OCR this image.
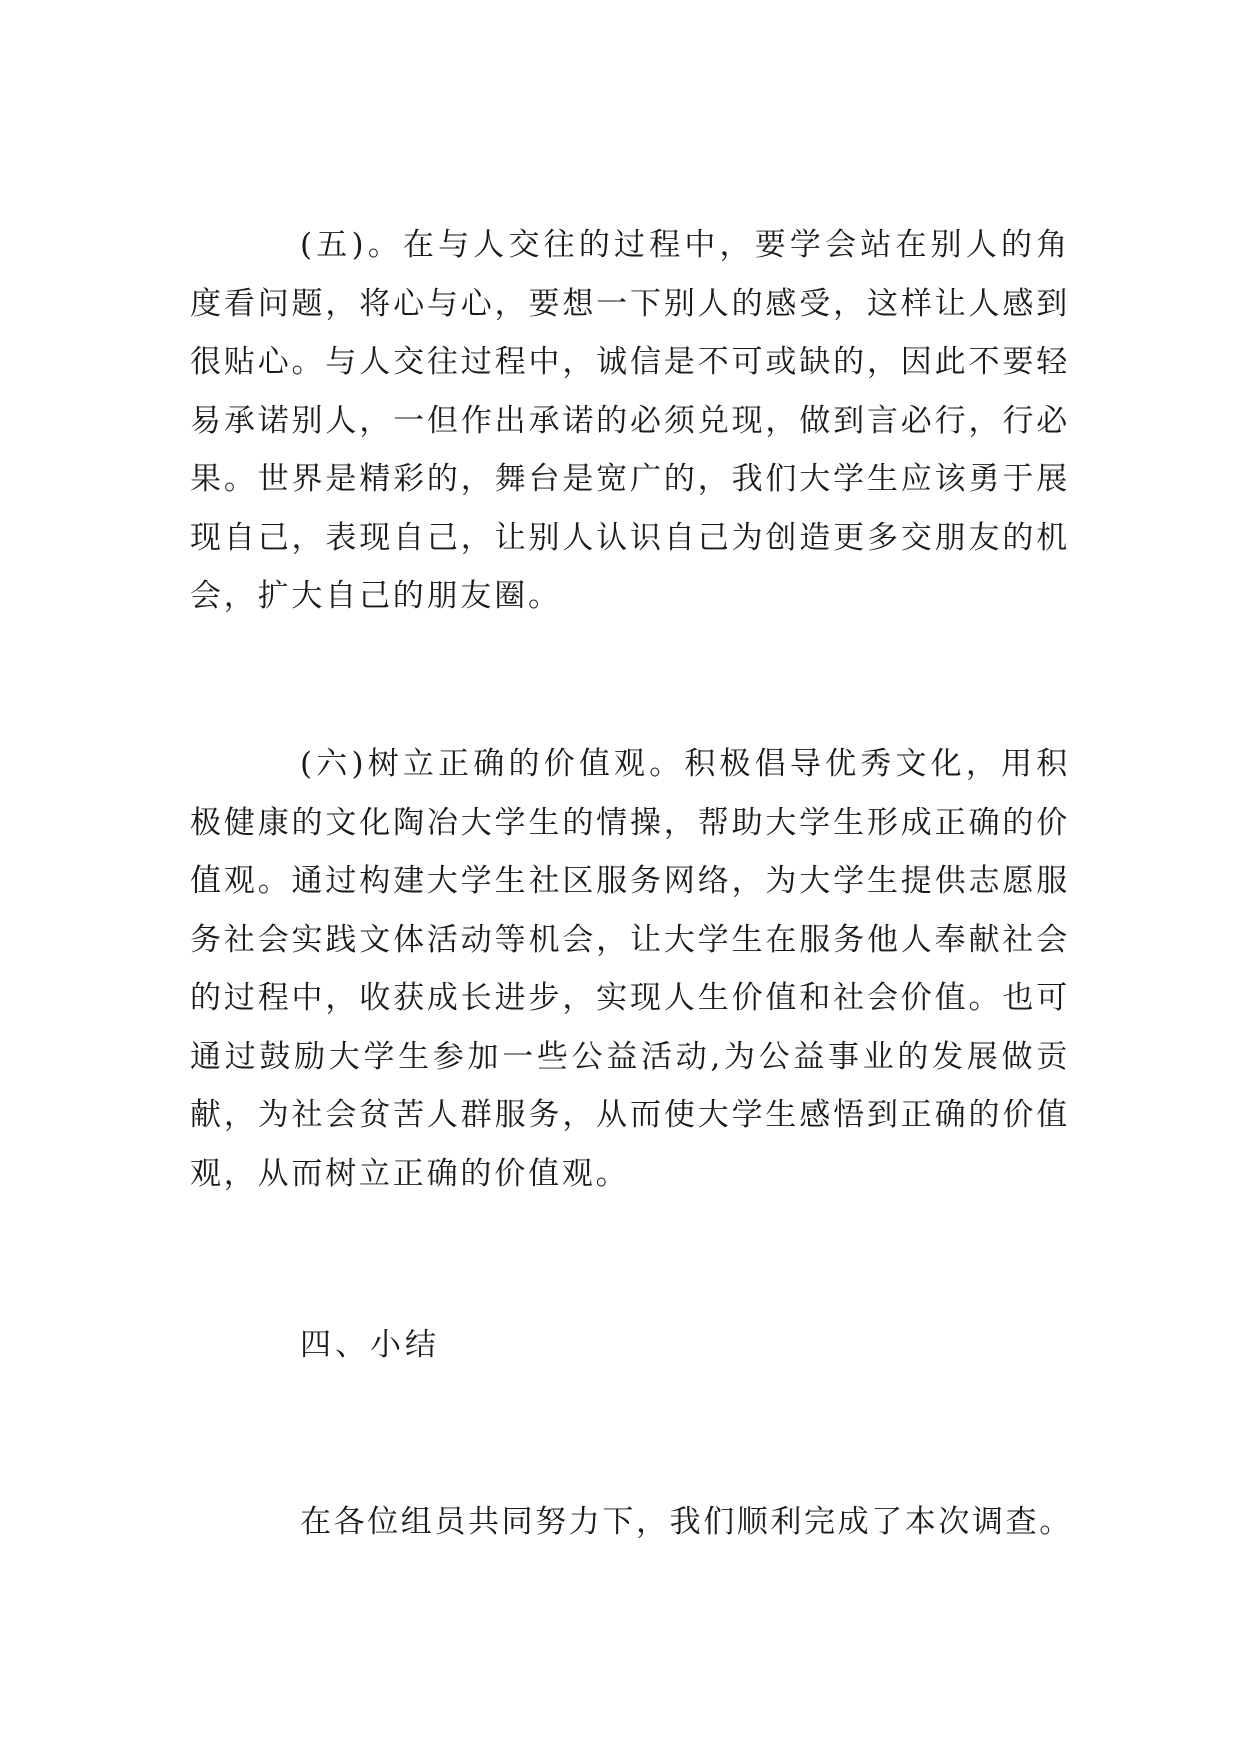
(五)。在与人交往的过程中，要学会站在别人的角度看问题，将心与心，要想一下别人的感受，这样让人感到很贴心。与人交往过程中，诚信是不可或缺的，因此不要轻易承诺别人，一但作出承诺的必须兑现，做到言必行，行必果。世界是精彩的，舞台是宽广的，我们大学生应该勇于展现自己，表现自己，让别人认识自己为创造更多交朋友的机会，扩大自己的朋友圈。

(六)树立正确的价值观。积极倡导优秀文化，用积极健康的文化陶冶大学生的情操，帮助大学生形成正确的价值观。通过构建大学生社区服务网络，为大学生提供志愿服务社会实践文体活动等机会，让大学生在服务他人奉献社会的过程中，收获成长进步，实现人生价值和社会价值。也可通过鼓励大学生参加一些公益活动,为公益事业的发展做贡献，为社会贫苦人群服务，从而使大学生感悟到正确的价值观，从而树立正确的价值观。

四、小结

在各位组员共同努力下，我们顺利完成了本次调查。
